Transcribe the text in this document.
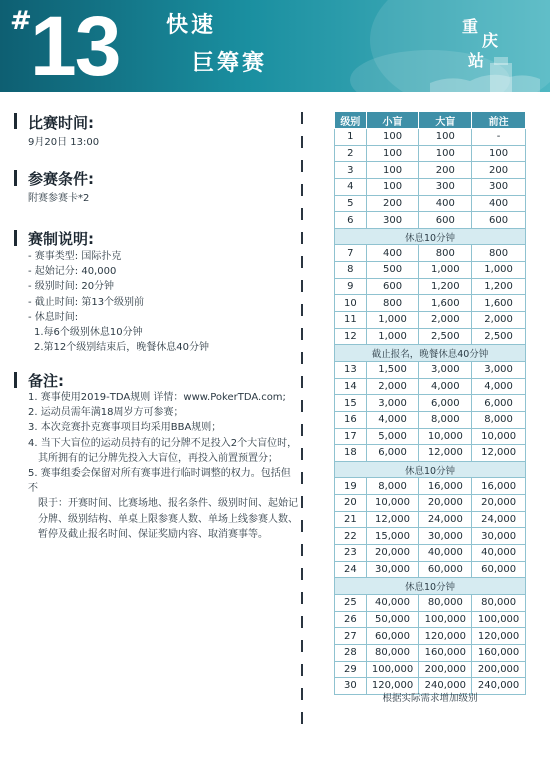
#
13 快速
巨筹赛
重
庆
站
比赛时间:
9月20日 13:00
参赛条件:
附赛参赛卡*2
赛制说明:
- 赛事类型: 国际扑克
- 起始记分: 40,000
- 级别时间: 20分钟
- 截止时间: 第13个级别前
- 休息时间:
1.每6个级别休息10分钟
2.第12个级别结束后，晚餐休息40分钟
备注:
1. 赛事使用2019-TDA规则 详情：www.PokerTDA.com;
2. 运动员需年满18周岁方可参赛；
3. 本次竞赛扑克赛事项目均采用BBA规则；
4. 当下大盲位的运动员持有的记分牌不足投入2个大盲位时，
其所拥有的记分牌先投入大盲位，再投入前置预置分；
5. 赛事组委会保留对所有赛事进行临时调整的权力。包括但不
限于：开赛时间、比赛场地、报名条件、级别时间、起始记
分牌、级别结构、单桌上限参赛人数、单场上线参赛人数、
暂停及截止报名时间、保证奖励内容、取消赛事等。
级别	小盲	大盲	前注
1	100	100	-
2	100	100	100
3	100	200	200
4	100	300	300
5	200	400	400
6	300	600	600
休息10分钟			
7	400	800	800
8	500	1,000	1,000
9	600	1,200	1,200
10	800	1,600	1,600
11	1,000	2,000	2,000
12	1,000	2,500	2,500
截止报名，晚餐休息40分钟			
13	1,500	3,000	3,000
14	2,000	4,000	4,000
15	3,000	6,000	6,000
16	4,000	8,000	8,000
17	5,000	10,000	10,000
18	6,000	12,000	12,000
休息10分钟			
19	8,000	16,000	16,000
20	10,000	20,000	20,000
21	12,000	24,000	24,000
22	15,000	30,000	30,000
23	20,000	40,000	40,000
24	30,000	60,000	60,000
休息10分钟			
25	40,000	80,000	80,000
26	50,000	100,000	100,000
27	60,000	120,000	120,000
28	80,000	160,000	160,000
29	100,000	200,000	200,000
30	120,000	240,000	240,000
根据实际需求增加级别
